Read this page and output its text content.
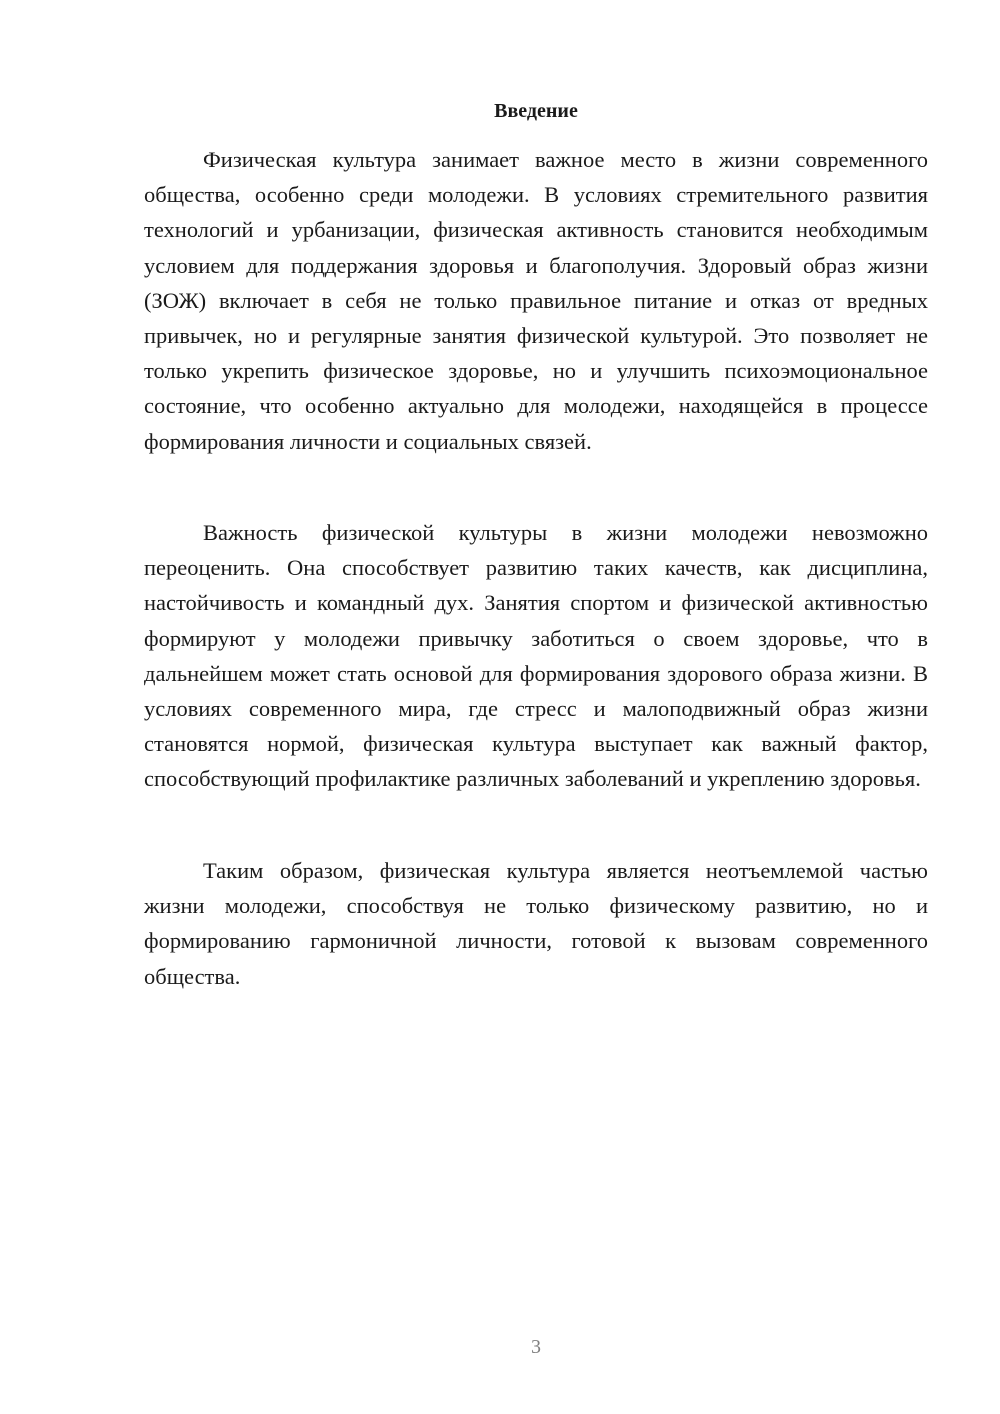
Введение

Физическая культура занимает важное место в жизни современного общества, особенно среди молодежи. В условиях стремительного развития технологий и урбанизации, физическая активность становится необходимым условием для поддержания здоровья и благополучия. Здоровый образ жизни (ЗОЖ) включает в себя не только правильное питание и отказ от вредных привычек, но и регулярные занятия физической культурой. Это позволяет не только укрепить физическое здоровье, но и улучшить психоэмоциональное состояние, что особенно актуально для молодежи, находящейся в процессе формирования личности и социальных связей.

Важность физической культуры в жизни молодежи невозможно переоценить. Она способствует развитию таких качеств, как дисциплина, настойчивость и командный дух. Занятия спортом и физической активностью формируют у молодежи привычку заботиться о своем здоровье, что в дальнейшем может стать основой для формирования здорового образа жизни. В условиях современного мира, где стресс и малоподвижный образ жизни становятся нормой, физическая культура выступает как важный фактор, способствующий профилактике различных заболеваний и укреплению здоровья.

Таким образом, физическая культура является неотъемлемой частью жизни молодежи, способствуя не только физическому развитию, но и формированию гармоничной личности, готовой к вызовам современного общества.

3
